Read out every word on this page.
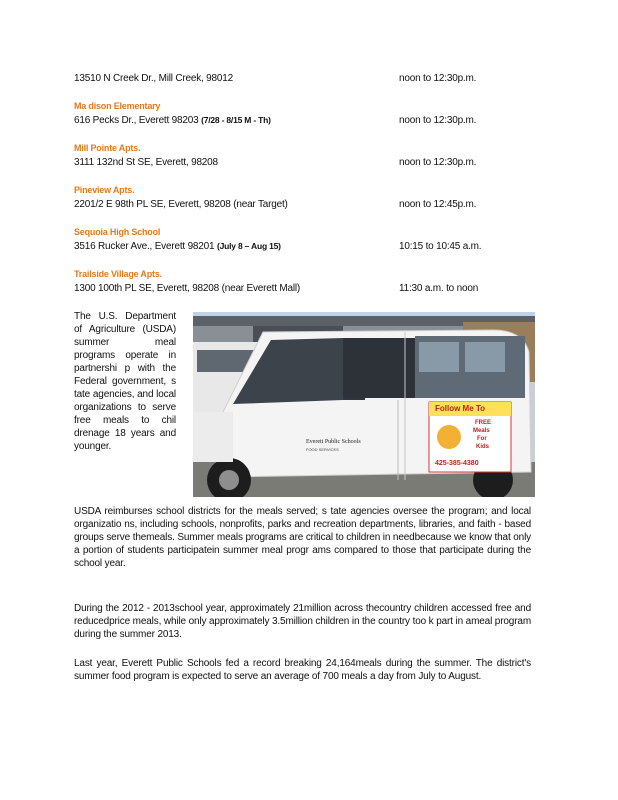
13510 N Creek Dr., Mill Creek, 98012	noon to 12:30p.m.
Ma dison Elementary
616 Pecks Dr., Everett 98203 (7/28 - 8/15 M - Th)	noon to 12:30p.m.
Mill Pointe Apts.
3111 132nd St SE, Everett, 98208	noon to 12:30p.m.
Pineview Apts.
2201/2 E 98th PL SE, Everett, 98208 (near Target)	noon to 12:45p.m.
Sequoia High School
3516 Rucker Ave., Everett 98201 (July 8 – Aug 15)	10:15 to 10:45 a.m.
Trailside Village Apts.
1300 100th PL SE, Everett, 98208 (near Everett Mall)	11:30 a.m. to noon
The U.S. Department of Agriculture (USDA) summer meal programs operate in partnershi p with the Federal government, s tate agencies, and local organizations to serve free meals to chil drenage 18 years and younger.	Everett Public Schools
FOOD SERVICES
Follow Me To
FREE
Meals
For
Kids
425-385-4380
USDA reimburses school districts for the meals served; s tate agencies oversee the program; and local organizatio ns, including schools, nonprofits, parks and recreation departments, libraries, and faith - based groups serve themeals. Summer meals programs are critical to children in needbecause we know that only a portion of students participatein summer meal progr ams compared to those that participate during the school year.
During the 2012 - 2013school year, approximately 21million across thecountry children accessed free and reducedprice meals, while only approximately 3.5million children in the country too k part in ameal program during the summer 2013.
Last year, Everett Public Schools fed a record breaking 24,164meals during the summer. The district's summer food program is expected to serve an average of 700 meals a day from July to August.
